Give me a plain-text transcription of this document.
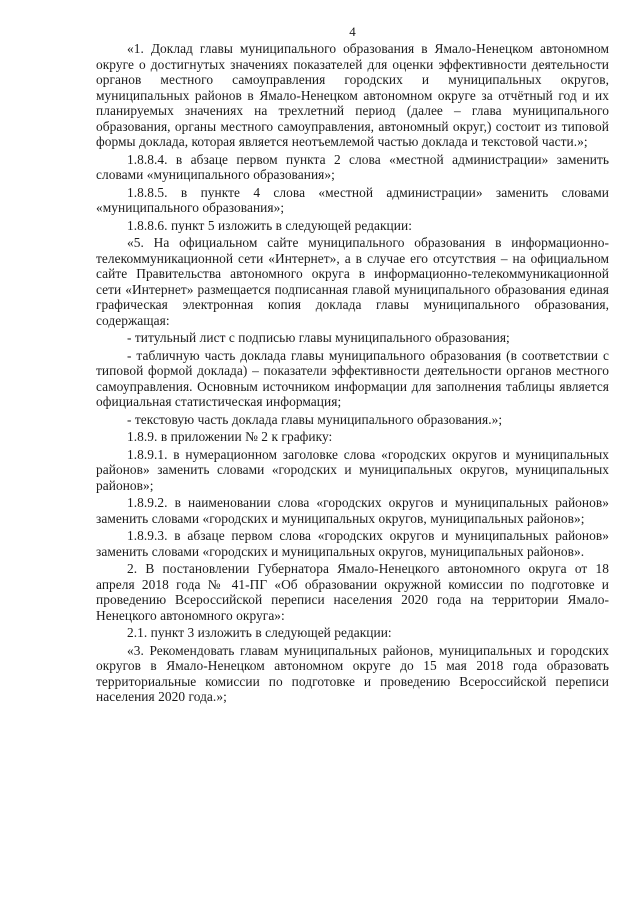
4

«1. Доклад главы муниципального образования в Ямало-Ненецком автономном округе о достигнутых значениях показателей для оценки эффективности деятельности органов местного самоуправления городских и муниципальных округов, муниципальных районов в Ямало-Ненецком автономном округе за отчётный год и их планируемых значениях на трехлетний период (далее – глава муниципального образования, органы местного самоуправления, автономный округ,) состоит из типовой формы доклада, которая является неотъемлемой частью доклада и текстовой части.»;

1.8.8.4. в абзаце первом пункта 2 слова «местной администрации» заменить словами «муниципального образования»;

1.8.8.5. в пункте 4 слова «местной администрации» заменить словами «муниципального образования»;

1.8.8.6. пункт 5 изложить в следующей редакции:

«5. На официальном сайте муниципального образования в информационно-телекоммуникационной сети «Интернет», а в случае его отсутствия – на официальном сайте Правительства автономного округа в информационно-телекоммуникационной сети «Интернет» размещается подписанная главой муниципального образования единая графическая электронная копия доклада главы муниципального образования, содержащая:

- титульный лист с подписью главы муниципального образования;

- табличную часть доклада главы муниципального образования (в соответствии с типовой формой доклада) – показатели эффективности деятельности органов местного самоуправления. Основным источником информации для заполнения таблицы является официальная статистическая информация;

- текстовую часть доклада главы муниципального образования.»;

1.8.9. в приложении № 2 к графику:

1.8.9.1. в нумерационном заголовке слова «городских округов и муниципальных районов» заменить словами «городских и муниципальных округов, муниципальных районов»;

1.8.9.2. в наименовании слова «городских округов и муниципальных районов» заменить словами «городских и муниципальных округов, муниципальных районов»;

1.8.9.3. в абзаце первом слова «городских округов и муниципальных районов» заменить словами «городских и муниципальных округов, муниципальных районов».

2. В постановлении Губернатора Ямало-Ненецкого автономного округа от 18 апреля 2018 года № 41-ПГ «Об образовании окружной комиссии по подготовке и проведению Всероссийской переписи населения 2020 года на территории Ямало-Ненецкого автономного округа»:

2.1. пункт 3 изложить в следующей редакции:

«3. Рекомендовать главам муниципальных районов, муниципальных и городских округов в Ямало-Ненецком автономном округе до 15 мая 2018 года образовать территориальные комиссии по подготовке и проведению Всероссийской переписи населения 2020 года.»;
